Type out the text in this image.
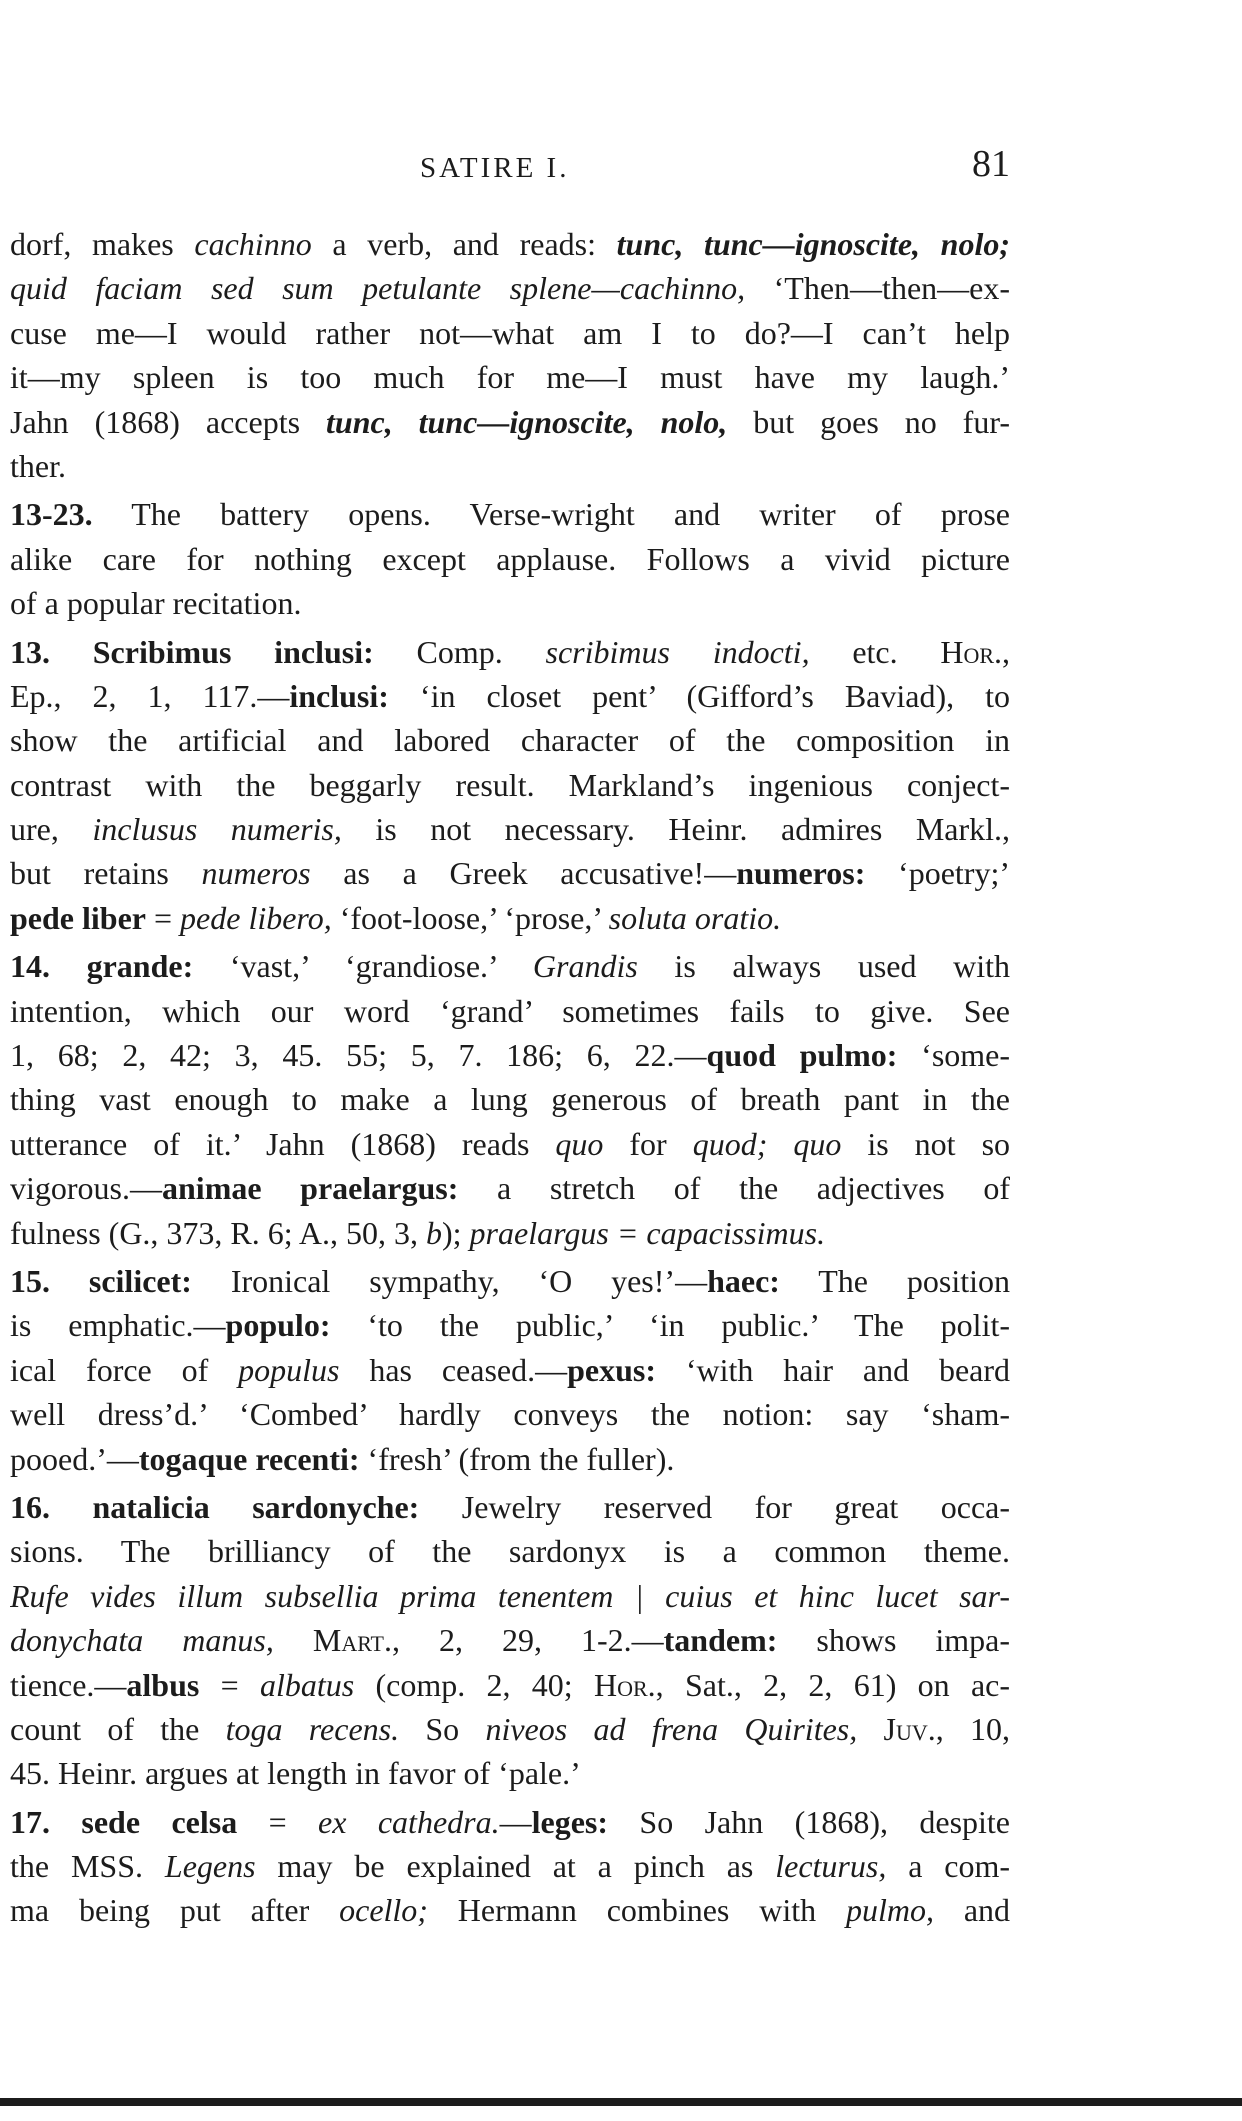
SATIRE I.	81
dorf, makes cachinno a verb, and reads: tunc, tunc—ignoscite, nolo;
quid faciam sed sum petulante splene—cachinno, ‘Then—then—ex-
cuse me—I would rather not—what am I to do?—I can’t help
it—my spleen is too much for me—I must have my laugh.’
Jahn (1868) accepts tunc, tunc—ignoscite, nolo, but goes no fur-
ther.
13-23. The battery opens. Verse-wright and writer of prose
alike care for nothing except applause. Follows a vivid picture
of a popular recitation.
13. Scribimus inclusi: Comp. scribimus indocti, etc. Hor.,
Ep., 2, 1, 117.—inclusi: ‘in closet pent’ (Gifford’s Baviad), to
show the artificial and labored character of the composition in
contrast with the beggarly result. Markland’s ingenious conject-
ure, inclusus numeris, is not necessary. Heinr. admires Markl.,
but retains numeros as a Greek accusative!—numeros: ‘poetry;’
pede liber = pede libero, ‘foot-loose,’ ‘prose,’ soluta oratio.
14. grande: ‘vast,’ ‘grandiose.’ Grandis is always used with
intention, which our word ‘grand’ sometimes fails to give. See
1, 68; 2, 42; 3, 45. 55; 5, 7. 186; 6, 22.—quod pulmo: ‘some-
thing vast enough to make a lung generous of breath pant in the
utterance of it.’ Jahn (1868) reads quo for quod; quo is not so
vigorous.—animae praelargus: a stretch of the adjectives of
fulness (G., 373, R. 6; A., 50, 3, b); praelargus = capacissimus.
15. scilicet: Ironical sympathy, ‘O yes!’—haec: The position
is emphatic.—populo: ‘to the public,’ ‘in public.’ The polit-
ical force of populus has ceased.—pexus: ‘with hair and beard
well dress’d.’ ‘Combed’ hardly conveys the notion: say ‘sham-
pooed.’—togaque recenti: ‘fresh’ (from the fuller).
16. natalicia sardonyche: Jewelry reserved for great occa-
sions. The brilliancy of the sardonyx is a common theme.
Rufe vides illum subsellia prima tenentem | cuius et hinc lucet sar-
donychata manus, Mart., 2, 29, 1-2.—tandem: shows impa-
tience.—albus = albatus (comp. 2, 40; Hor., Sat., 2, 2, 61) on ac-
count of the toga recens. So niveos ad frena Quirites, Juv., 10,
45. Heinr. argues at length in favor of ‘pale.’
17. sede celsa = ex cathedra.—leges: So Jahn (1868), despite
the MSS. Legens may be explained at a pinch as lecturus, a com-
ma being put after ocello; Hermann combines with pulmo, and
